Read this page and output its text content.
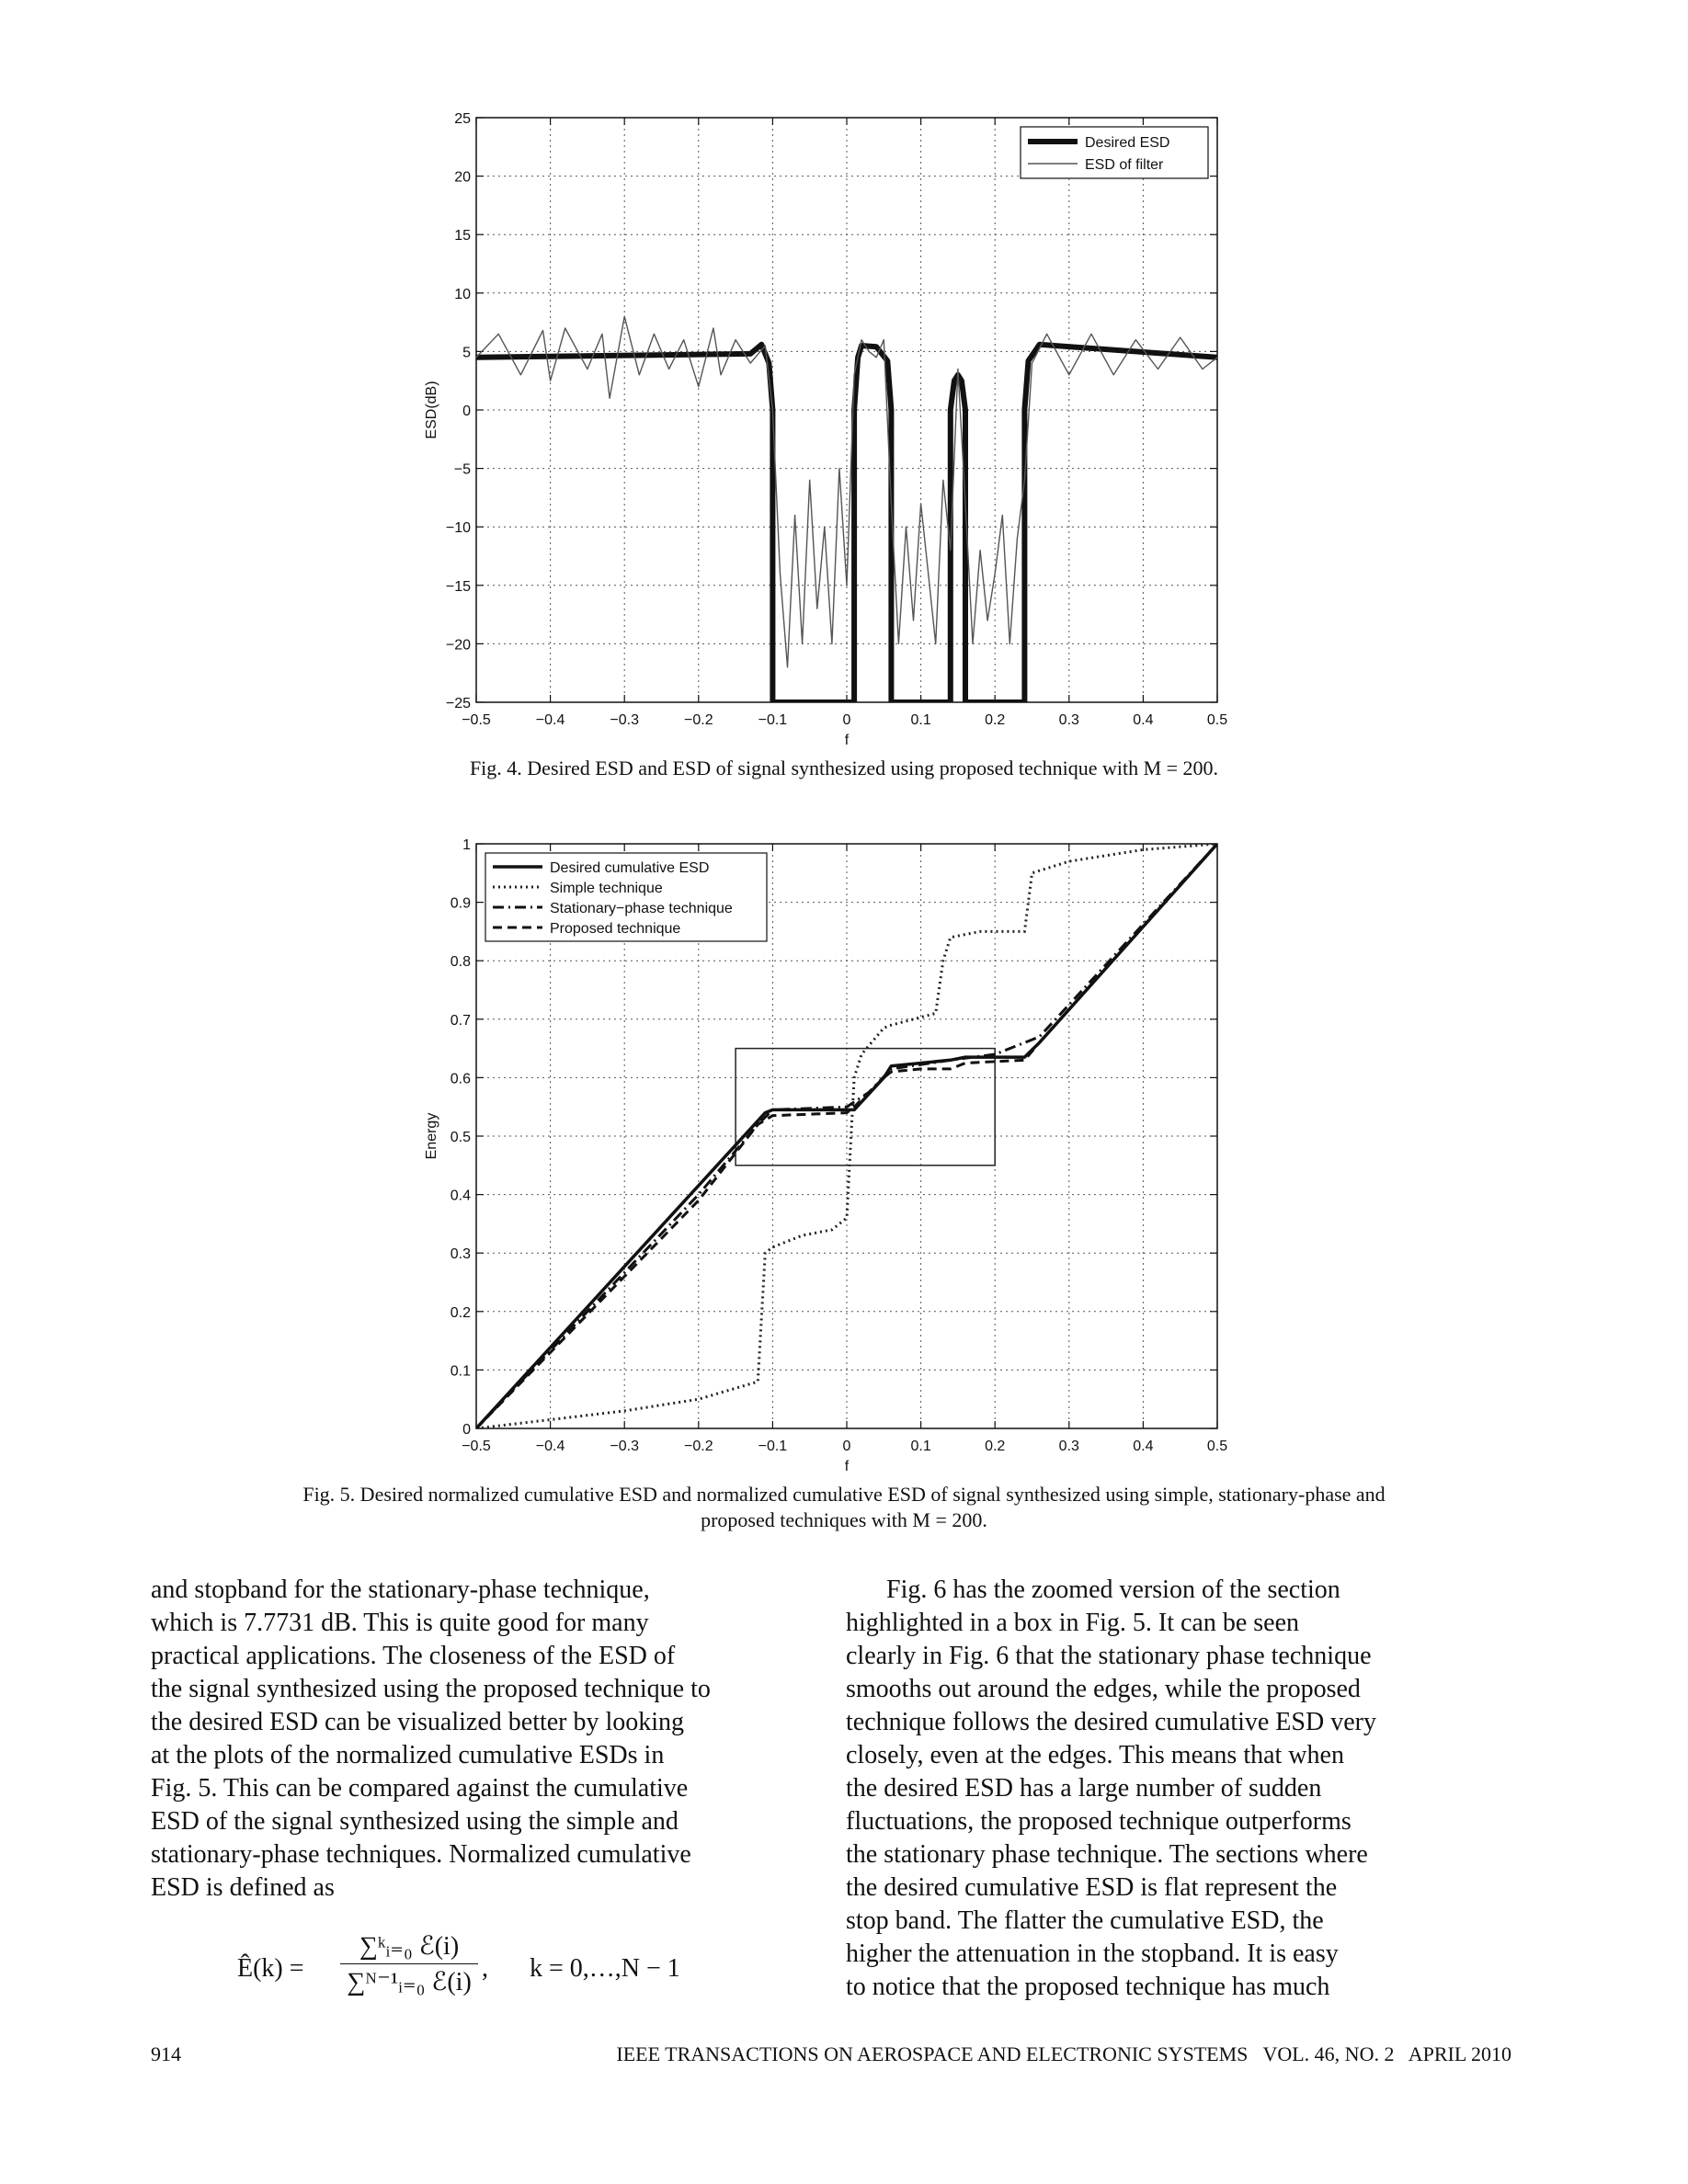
−0.5	−0.4	−0.3	−0.2	−0.1	0	0.1	0.2	0.3	0.4	0.5
25
20
15
10
5
0
−5
−10
−15
−20
−25
f
ESD(dB)
Desired ESD
ESD of filter
Fig. 4. Desired ESD and ESD of signal synthesized using proposed technique with M = 200.
−0.5	−0.4	−0.3	−0.2	−0.1	0	0.1	0.2	0.3	0.4	0.5
1
0.9
0.8
0.7
0.6
0.5
0.4
0.3
0.2
0.1
0
f
Energy
Desired cumulative ESD
Simple technique
Stationary−phase technique
Proposed technique
Fig. 5. Desired normalized cumulative ESD and normalized cumulative ESD of signal synthesized using simple, stationary-phase and
proposed techniques with M = 200.
and stopband for the stationary-phase technique,
which is 7.7731 dB. This is quite good for many
practical applications. The closeness of the ESD of
the signal synthesized using the proposed technique to
the desired ESD can be visualized better by looking
at the plots of the normalized cumulative ESDs in
Fig. 5. This can be compared against the cumulative
ESD of the signal synthesized using the simple and
stationary-phase techniques. Normalized cumulative
ESD is defined as
Fig. 6 has the zoomed version of the section
highlighted in a box in Fig. 5. It can be seen
clearly in Fig. 6 that the stationary phase technique
smooths out around the edges, while the proposed
technique follows the desired cumulative ESD very
closely, even at the edges. This means that when
the desired ESD has a large number of sudden
fluctuations, the proposed technique outperforms
the stationary phase technique. The sections where
the desired cumulative ESD is flat represent the
stop band. The flatter the cumulative ESD, the
higher the attenuation in the stopband. It is easy
to notice that the proposed technique has much
Ê(k) =
∑ᵏᵢ₌₀ ℰ(i)
∑ᴺ⁻¹ᵢ₌₀ ℰ(i) , k = 0,…,N − 1
914	IEEE TRANSACTIONS ON AEROSPACE AND ELECTRONIC SYSTEMS   VOL. 46, NO. 2   APRIL 2010
